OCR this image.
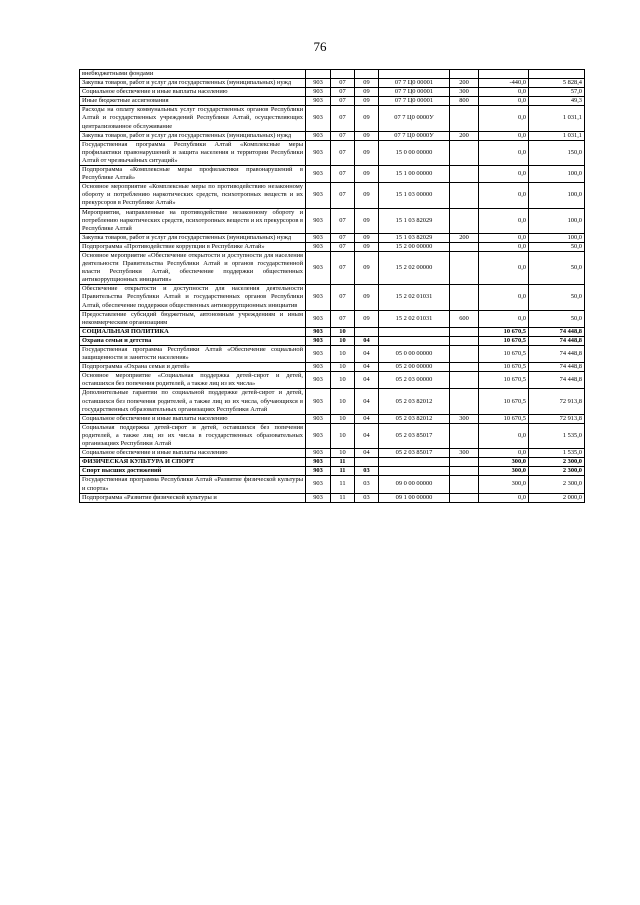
76
внебюджетными фондами							
Закупка товаров, работ и услуг для государственных (муниципальных) нужд	903	07	09	07 7 Ц0 00001	200	-440,0	5 828,4
Социальное обеспечение и иные выплаты населению	903	07	09	07 7 Ц0 00001	300	0,0	57,0
Иные бюджетные ассигнования	903	07	09	07 7 Ц0 00001	800	0,0	49,3
Расходы на оплату коммунальных услуг государственных органов Республики Алтай и государственных учреждений Республики Алтай, осуществляющих централизованное обслуживание	903	07	09	07 7 Ц0 0000У		0,0	1 031,1
Закупка товаров, работ и услуг для государственных (муниципальных) нужд	903	07	09	07 7 Ц0 0000У	200	0,0	1 031,1
Государственная программа Республики Алтай «Комплексные меры профилактики правонарушений и защита населения и территории Республики Алтай от чрезвычайных ситуаций»	903	07	09	15 0 00 00000		0,0	150,0
Подпрограмма «Комплексные меры профилактики правонарушений в Республике Алтай»	903	07	09	15 1 00 00000		0,0	100,0
Основное мероприятие «Комплексные меры по противодействию незаконному обороту и потреблению наркотических средств, психотропных веществ и их прекурсоров в Республике Алтай»	903	07	09	15 1 03 00000		0,0	100,0
Мероприятия, направленные на противодействие незаконному обороту и потреблению наркотических средств, психотропных веществ и их прекурсоров в Республике Алтай	903	07	09	15 1 03 82029		0,0	100,0
Закупка товаров, работ и услуг для государственных (муниципальных) нужд	903	07	09	15 1 03 82029	200	0,0	100,0
Подпрограмма «Противодействие коррупции в Республике Алтай»	903	07	09	15 2 00 00000		0,0	50,0
Основное мероприятие «Обеспечение открытости и доступности для населения деятельности Правительства Республики Алтай и органов государственной власти Республики Алтай, обеспечение поддержки общественных антикоррупционных инициатив»	903	07	09	15 2 02 00000		0,0	50,0
Обеспечение открытости и доступности для населения деятельности Правительства Республики Алтай и государственных органов Республики Алтай, обеспечение поддержки общественных антикоррупционных инициатив	903	07	09	15 2 02 01031		0,0	50,0
Предоставление субсидий бюджетным, автономным учреждениям и иным некоммерческим организациям	903	07	09	15 2 02 01031	600	0,0	50,0
СОЦИАЛЬНАЯ ПОЛИТИКА	903	10				10 670,5	74 448,8
Охрана семьи и детства	903	10	04			10 670,5	74 448,8
Государственная программа Республики Алтай «Обеспечение социальной защищенности и занятости населения»	903	10	04	05 0 00 00000		10 670,5	74 448,8
Подпрограмма «Охрана семьи и детей»	903	10	04	05 2 00 00000		10 670,5	74 448,8
Основное мероприятие «Социальная поддержка детей-сирот и детей, оставшихся без попечения родителей, а также лиц из их числа»	903	10	04	05 2 03 00000		10 670,5	74 448,8
Дополнительные гарантии по социальной поддержке детей-сирот и детей, оставшихся без попечения родителей, а также лиц из их числа, обучающихся в государственных образовательных организациях Республики Алтай	903	10	04	05 2 03 82012		10 670,5	72 913,8
Социальное обеспечение и иные выплаты населению	903	10	04	05 2 03 82012	300	10 670,5	72 913,8
Социальная поддержка детей-сирот и детей, оставшихся без попечения родителей, а также лиц из их числа в государственных образовательных организациях Республики Алтай	903	10	04	05 2 03 85017		0,0	1 535,0
Социальное обеспечение и иные выплаты населению	903	10	04	05 2 03 85017	300	0,0	1 535,0
ФИЗИЧЕСКАЯ КУЛЬТУРА И СПОРТ	903	11				300,0	2 300,0
Спорт высших достижений	903	11	03			300,0	2 300,0
Государственная программа Республики Алтай «Развитие физической культуры и спорта»	903	11	03	09 0 00 00000		300,0	2 300,0
Подпрограмма «Развитие физической культуры и	903	11	03	09 1 00 00000		0,0	2 000,0
